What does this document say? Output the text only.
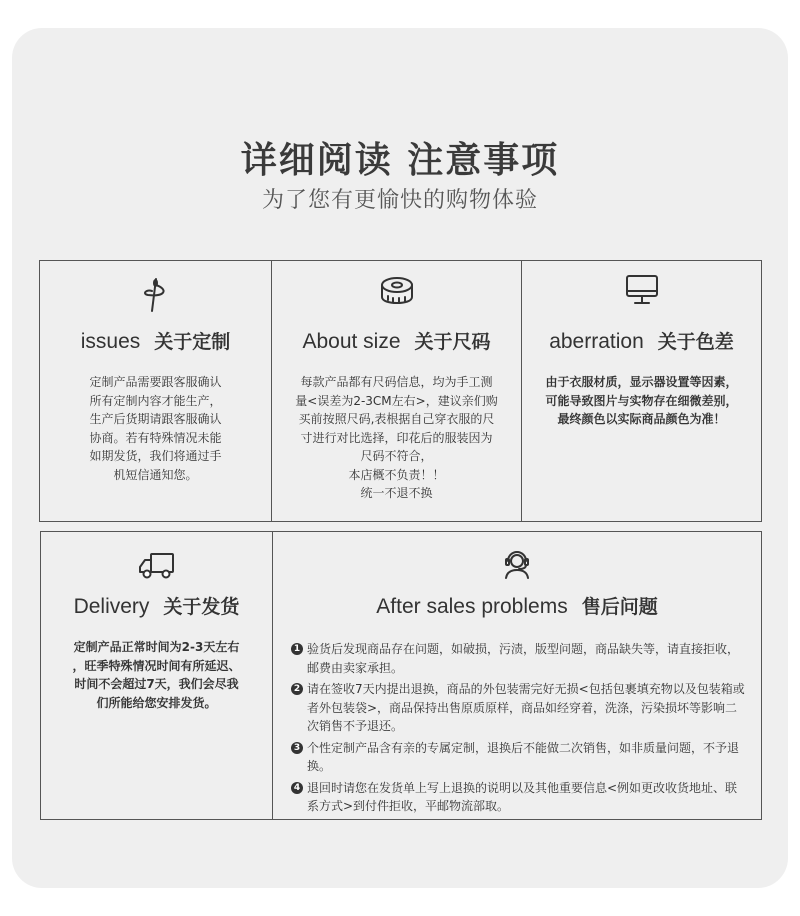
详细阅读 注意事项
为了您有更愉快的购物体验
issues 关于定制

定制产品需要跟客服确认

所有定制内容才能生产，

生产后货期请跟客服确认

协商。若有特殊情况未能

如期发货，我们将通过手

机短信通知您。

About size 关于尺码

每款产品都有尺码信息，均为手工测

量<误差为2-3CM左右>，建议亲们购

买前按照尺码,表根据自己穿衣服的尺

寸进行对比选择，印花后的服装因为

尺码不符合，

本店概不负责！！

统一不退不换

aberration 关于色差

由于衣服材质，显示器设置等因素，

可能导致图片与实物存在细微差别，

最终颜色以实际商品颜色为准！

Delivery 关于发货

定制产品正常时间为2-3天左右

，旺季特殊情况时间有所延迟、

时间不会超过7天，我们会尽我

们所能给您安排发货。

After sales problems 售后问题
1 验货后发现商品存在问题，如破损，污渍，版型问题，商品缺失等，请直接拒收，邮费由卖家承担。
2 请在签收7天内提出退换，商品的外包装需完好无损<包括包裹填充物以及包装箱或者外包装袋>，商品保持出售原质原样，商品如经穿着，洗涤，污染损坏等影响二次销售不予退还。
3 个性定制产品含有亲的专属定制，退换后不能做二次销售，如非质量问题，不予退换。
4 退回时请您在发货单上写上退换的说明以及其他重要信息<例如更改收货地址、联系方式>到付件拒收，平邮物流部取。
